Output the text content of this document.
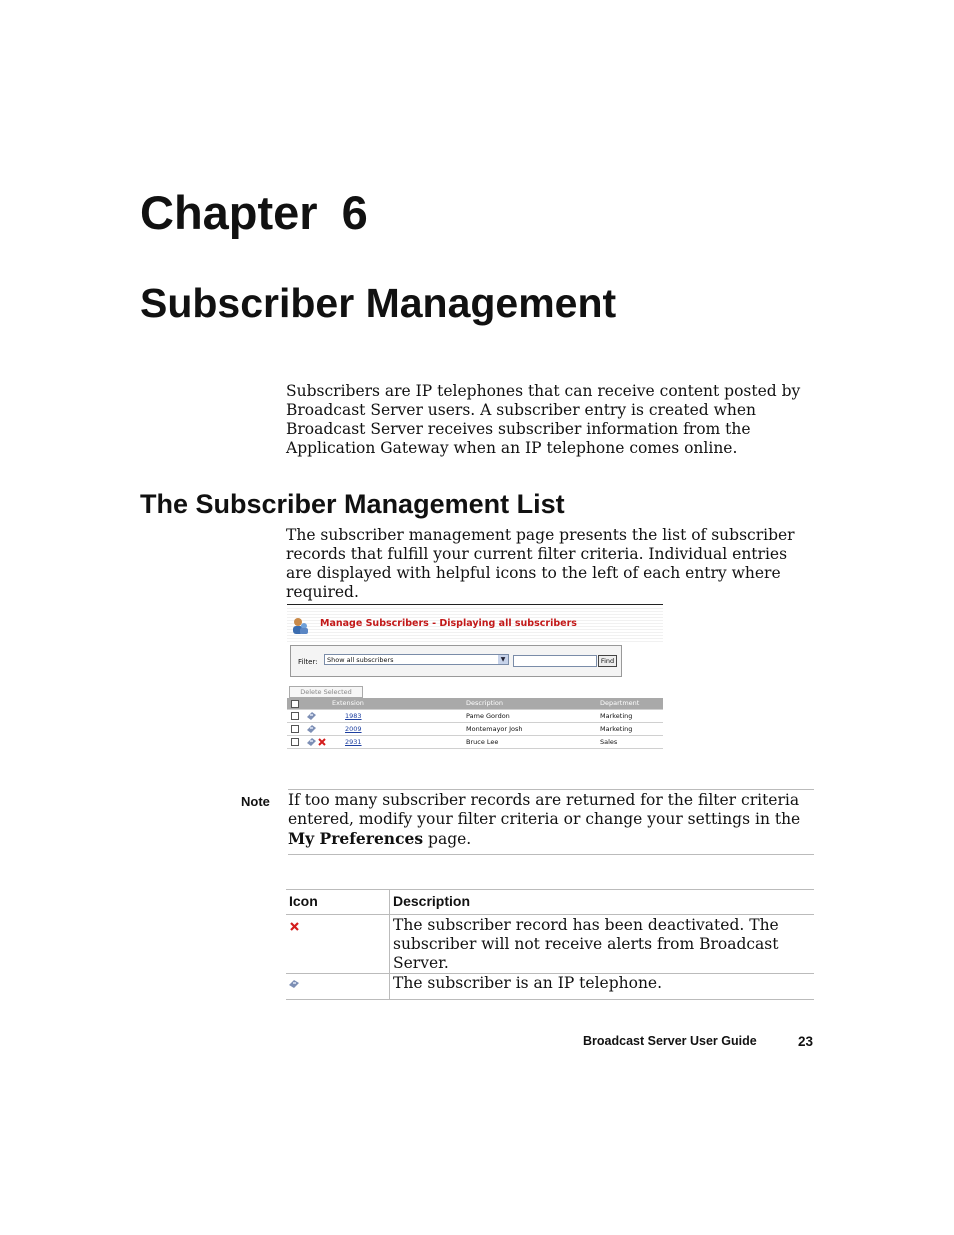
Chapter 6
Subscriber Management
Subscribers are IP telephones that can receive content posted by Broadcast Server users. A subscriber entry is created when Broadcast Server receives subscriber information from the Application Gateway when an IP telephone comes online.
The Subscriber Management List
The subscriber management page presents the list of subscriber records that fulfill your current filter criteria. Individual entries are displayed with helpful icons to the left of each entry where required.
Manage Subscribers - Displaying all subscribers
Filter:	Show all subscribers	▼	Find
Delete Selected
Extension	Description	Department
1983	Pame Gordon	Marketing
2009	Montemayor Josh	Marketing
2931	Bruce Lee	Sales
Note If too many subscriber records are returned for the filter criteria entered, modify your filter criteria or change your settings in the My Preferences page.
Icon	Description
	The subscriber record has been deactivated. The subscriber will not receive alerts from Broadcast Server.
	The subscriber is an IP telephone.
Broadcast Server User Guide	23
